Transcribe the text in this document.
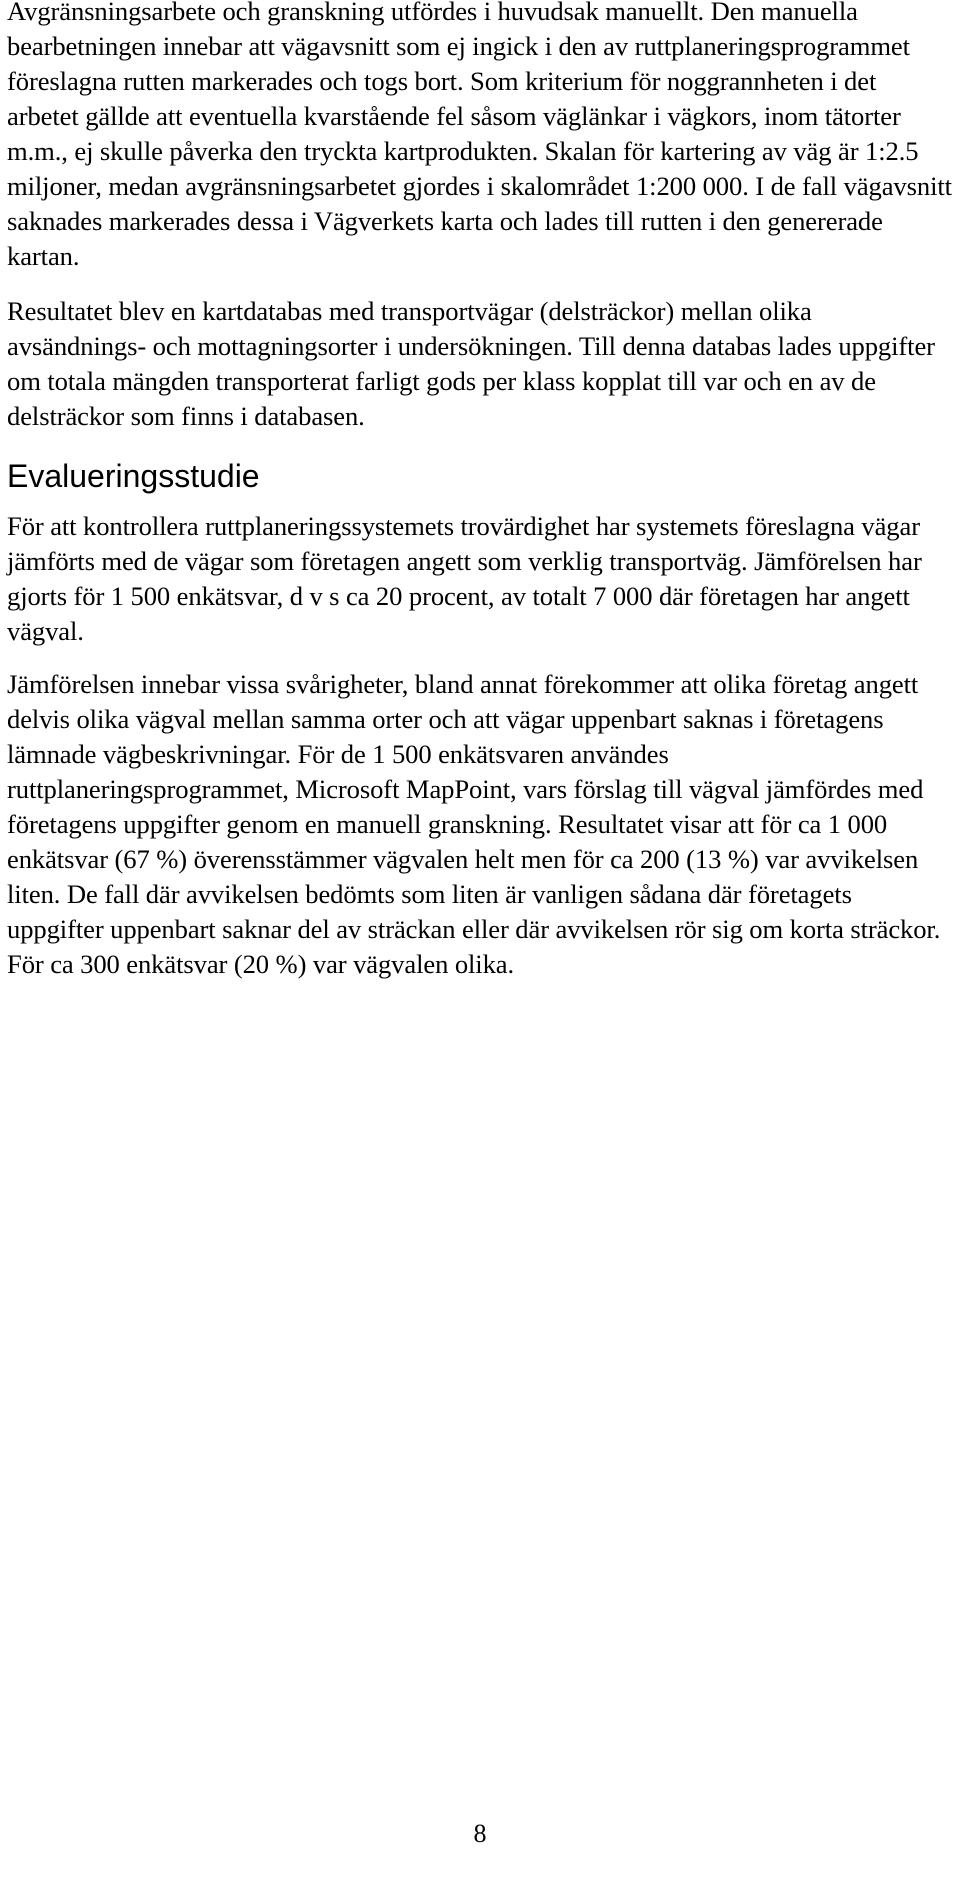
Avgränsningsarbete och granskning utfördes i huvudsak manuellt. Den manuella bearbetningen innebar att vägavsnitt som ej ingick i den av ruttplaneringsprogrammet föreslagna rutten markerades och togs bort. Som kriterium för noggrannheten i det arbetet gällde att eventuella kvarstående fel såsom väglänkar i vägkors, inom tätorter m.m., ej skulle påverka den tryckta kartprodukten. Skalan för kartering av väg är 1:2.5 miljoner, medan avgränsningsarbetet gjordes i skalområdet 1:200 000. I de fall vägavsnitt saknades markerades dessa i Vägverkets karta och lades till rutten i den genererade kartan.

Resultatet blev en kartdatabas med transportvägar (delsträckor) mellan olika avsändnings- och mottagningsorter i undersökningen. Till denna databas lades uppgifter om totala mängden transporterat farligt gods per klass kopplat till var och en av de delsträckor som finns i databasen.

Evalueringsstudie

För att kontrollera ruttplaneringssystemets trovärdighet har systemets föreslagna vägar jämförts med de vägar som företagen angett som verklig transportväg. Jämförelsen har gjorts för 1 500 enkätsvar, d v s ca 20 procent, av totalt 7 000 där företagen har angett vägval.

Jämförelsen innebar vissa svårigheter, bland annat förekommer att olika företag angett delvis olika vägval mellan samma orter och att vägar uppenbart saknas i företagens lämnade vägbeskrivningar. För de 1 500 enkätsvaren användes ruttplaneringsprogrammet, Microsoft MapPoint, vars förslag till vägval jämfördes med företagens uppgifter genom en manuell granskning. Resultatet visar att för ca 1 000 enkätsvar (67 %) överensstämmer vägvalen helt men för ca 200 (13 %) var avvikelsen liten. De fall där avvikelsen bedömts som liten är vanligen sådana där företagets uppgifter uppenbart saknar del av sträckan eller där avvikelsen rör sig om korta sträckor. För ca 300 enkätsvar (20 %) var vägvalen olika.

8
